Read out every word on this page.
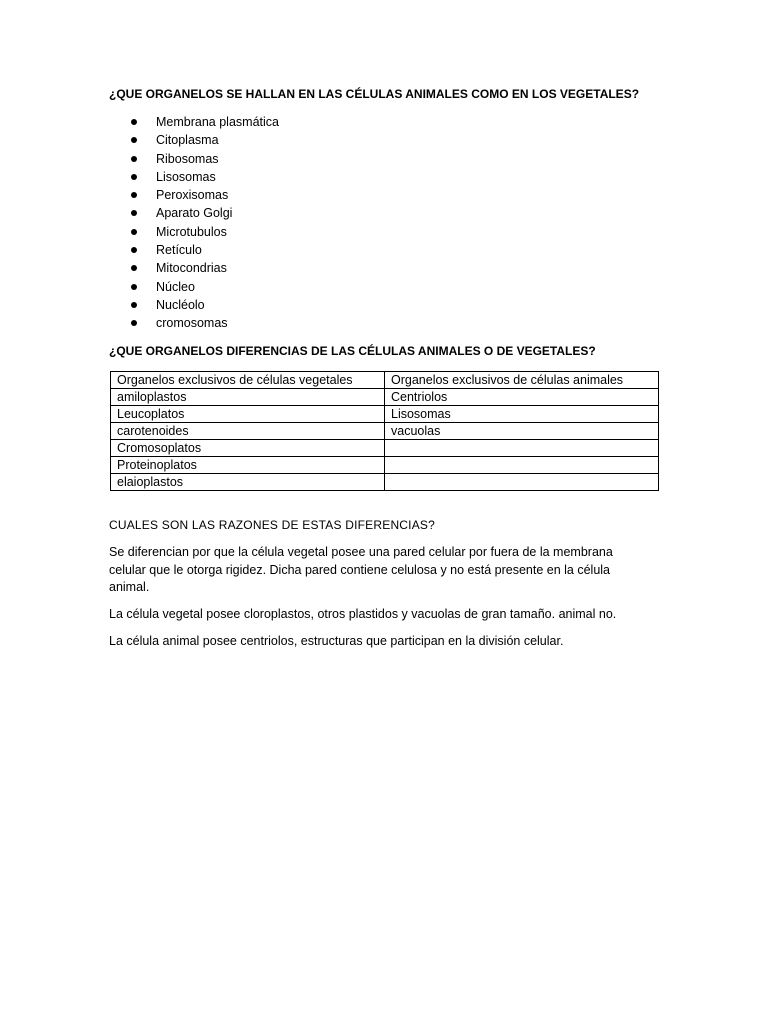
¿QUE ORGANELOS SE HALLAN EN LAS CÉLULAS ANIMALES COMO EN LOS VEGETALES?
Membrana plasmática
Citoplasma
Ribosomas
Lisosomas
Peroxisomas
Aparato Golgi
Microtubulos
Retículo
Mitocondrias
Núcleo
Nucléolo
cromosomas
¿QUE ORGANELOS DIFERENCIAS DE LAS CÉLULAS ANIMALES O DE VEGETALES?
Organelos exclusivos de células vegetales	Organelos exclusivos de células animales
amiloplastos	Centriolos
Leucoplatos	Lisosomas
carotenoides	vacuolas
Cromosoplatos	
Proteinoplatos	
elaioplastos	
CUALES SON LAS RAZONES DE ESTAS DIFERENCIAS?

Se diferencian por que la célula vegetal posee una pared celular por fuera de la membrana celular que le otorga rigidez. Dicha pared contiene celulosa y no está presente en la célula animal.

La célula vegetal posee cloroplastos, otros plastidos y vacuolas de gran tamaño. animal no.

La célula animal posee centriolos, estructuras que participan en la división celular.
